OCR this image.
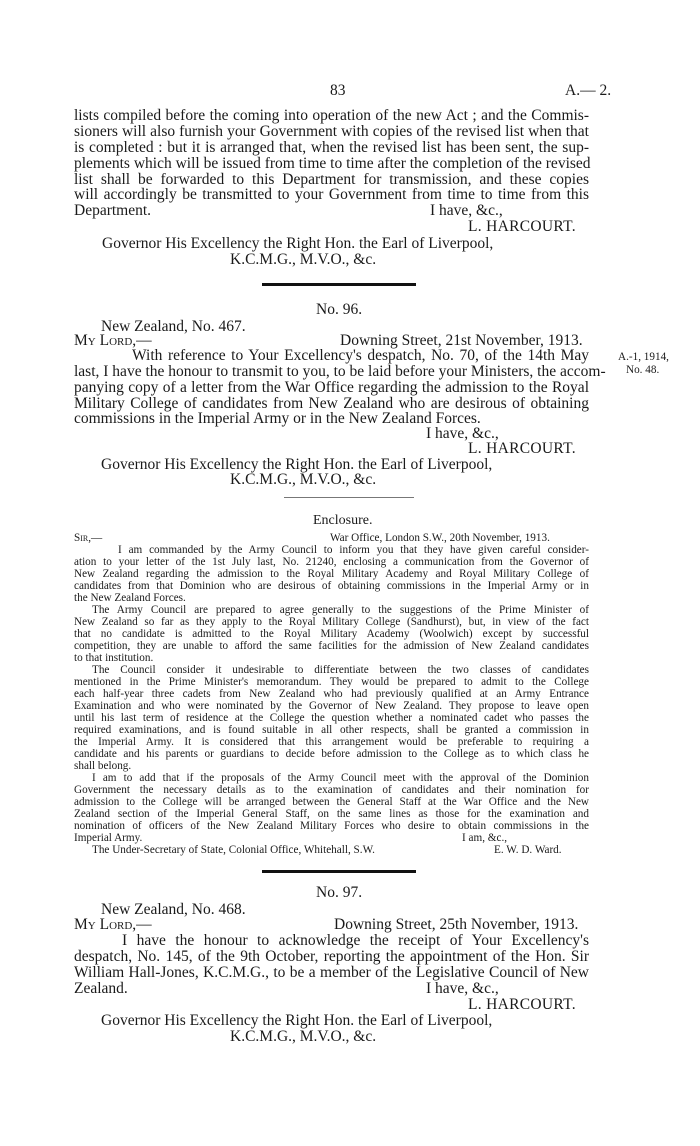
83	A.— 2.
lists compiled before the coming into operation of the new Act ; and the Commis-
sioners will also furnish your Government with copies of the revised list when that
is completed : but it is arranged that, when the revised list has been sent, the sup-
plements which will be issued from time to time after the completion of the revised
list shall be forwarded to this Department for transmission, and these copies
will accordingly be transmitted to your Government from time to time from this
Department.	I have, &c.,
L. HARCOURT.
Governor His Excellency the Right Hon. the Earl of Liverpool,
K.C.M.G., M.V.O., &c.
No. 96.
New Zealand, No. 467.
My Lord,—	Downing Street, 21st November, 1913.
With reference to Your Excellency's despatch, No. 70, of the 14th May	A.-1, 1914,
No. 48.
last, I have the honour to transmit to you, to be laid before your Ministers, the accom-
panying copy of a letter from the War Office regarding the admission to the Royal
Military College of candidates from New Zealand who are desirous of obtaining
commissions in the Imperial Army or in the New Zealand Forces.
I have, &c.,
L. HARCOURT.
Governor His Excellency the Right Hon. the Earl of Liverpool,
K.C.M.G., M.V.O., &c.
Enclosure.
Sir,—	War Office, London S.W., 20th November, 1913.
I am commanded by the Army Council to inform you that they have given careful consider-
ation to your letter of the 1st July last, No. 21240, enclosing a communication from the Governor of
New Zealand regarding the admission to the Royal Military Academy and Royal Military College of
candidates from that Dominion who are desirous of obtaining commissions in the Imperial Army or in
the New Zealand Forces.
The Army Council are prepared to agree generally to the suggestions of the Prime Minister of
New Zealand so far as they apply to the Royal Military College (Sandhurst), but, in view of the fact
that no candidate is admitted to the Royal Military Academy (Woolwich) except by successful
competition, they are unable to afford the same facilities for the admission of New Zealand candidates
to that institution.
The Council consider it undesirable to differentiate between the two classes of candidates
mentioned in the Prime Minister's memorandum. They would be prepared to admit to the College
each half-year three cadets from New Zealand who had previously qualified at an Army Entrance
Examination and who were nominated by the Governor of New Zealand. They propose to leave open
until his last term of residence at the College the question whether a nominated cadet who passes the
required examinations, and is found suitable in all other respects, shall be granted a commission in
the Imperial Army. It is considered that this arrangement would be preferable to requiring a
candidate and his parents or guardians to decide before admission to the College as to which class he
shall belong.
I am to add that if the proposals of the Army Council meet with the approval of the Dominion
Government the necessary details as to the examination of candidates and their nomination for
admission to the College will be arranged between the General Staff at the War Office and the New
Zealand section of the Imperial General Staff, on the same lines as those for the examination and
nomination of officers of the New Zealand Military Forces who desire to obtain commissions in the
Imperial Army.	I am, &c.,
The Under-Secretary of State, Colonial Office, Whitehall, S.W.	E. W. D. Ward.
No. 97.
New Zealand, No. 468.
My Lord,—	Downing Street, 25th November, 1913.
I have the honour to acknowledge the receipt of Your Excellency's
despatch, No. 145, of the 9th October, reporting the appointment of the Hon. Sir
William Hall-Jones, K.C.M.G., to be a member of the Legislative Council of New
Zealand.	I have, &c.,
L. HARCOURT.
Governor His Excellency the Right Hon. the Earl of Liverpool,
K.C.M.G., M.V.O., &c.
